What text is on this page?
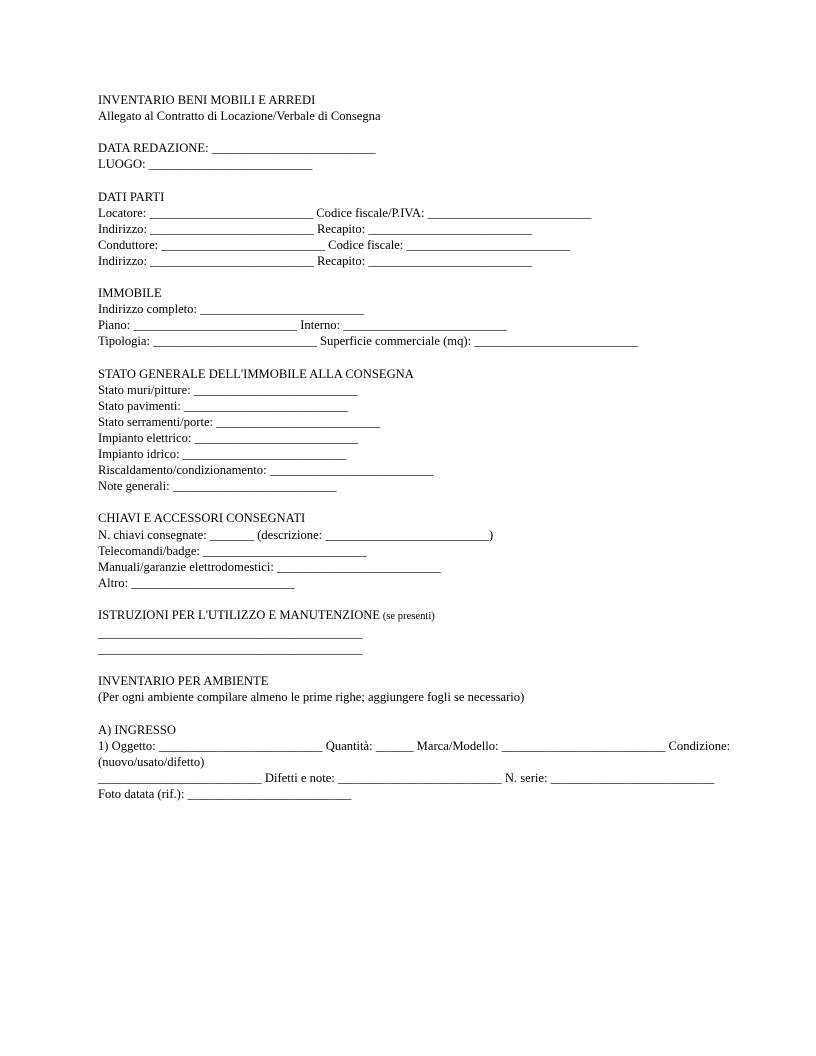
INVENTARIO BENI MOBILI E ARREDI
Allegato al Contratto di Locazione/Verbale di Consegna
DATA REDAZIONE: __________________________
LUOGO: __________________________
DATI PARTI
Locatore: __________________________ Codice fiscale/P.IVA: __________________________
Indirizzo: __________________________ Recapito: __________________________
Conduttore: __________________________ Codice fiscale: __________________________
Indirizzo: __________________________ Recapito: __________________________
IMMOBILE
Indirizzo completo: __________________________
Piano: __________________________ Interno: __________________________
Tipologia: __________________________ Superficie commerciale (mq): __________________________
STATO GENERALE DELL'IMMOBILE ALLA CONSEGNA
Stato muri/pitture: __________________________
Stato pavimenti: __________________________
Stato serramenti/porte: __________________________
Impianto elettrico: __________________________
Impianto idrico: __________________________
Riscaldamento/condizionamento: __________________________
Note generali: __________________________
CHIAVI E ACCESSORI CONSEGNATI
N. chiavi consegnate: _______ (descrizione: __________________________)
Telecomandi/badge: __________________________
Manuali/garanzie elettrodomestici: __________________________
Altro: __________________________
ISTRUZIONI PER L'UTILIZZO E MANUTENZIONE (se presenti)
__________________________________________
__________________________________________
INVENTARIO PER AMBIENTE
(Per ogni ambiente compilare almeno le prime righe; aggiungere fogli se necessario)
A) INGRESSO
1) Oggetto: __________________________ Quantità: ______ Marca/Modello: __________________________ Condizione: (nuovo/usato/difetto)
__________________________ Difetti e note: __________________________ N. serie: __________________________ Foto datata (rif.): __________________________
